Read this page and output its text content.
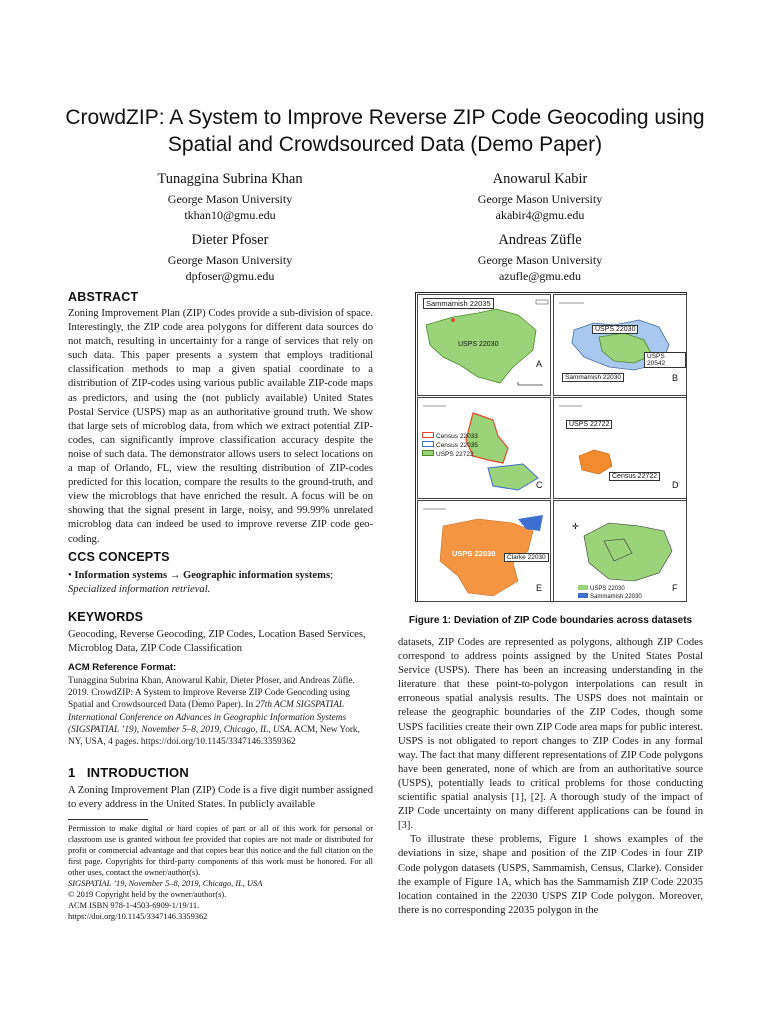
CrowdZIP: A System to Improve Reverse ZIP Code Geocoding using Spatial and Crowdsourced Data (Demo Paper)
Tunaggina Subrina Khan
George Mason University
tkhan10@gmu.edu
Anowarul Kabir
George Mason University
akabir4@gmu.edu
Dieter Pfoser
George Mason University
dpfoser@gmu.edu
Andreas Züfle
George Mason University
azufle@gmu.edu
ABSTRACT
Zoning Improvement Plan (ZIP) Codes provide a sub-division of space. Interestingly, the ZIP code area polygons for different data sources do not match, resulting in uncertainty for a range of services that rely on such data. This paper presents a system that employs traditional classification methods to map a given spatial coordinate to a distribution of ZIP-codes using various public available ZIP-code maps as predictors, and using the (not publicly available) United States Postal Service (USPS) map as an authoritative ground truth. We show that large sets of microblog data, from which we extract potential ZIP-codes, can significantly improve classification accuracy despite the noise of such data. The demonstrator allows users to select locations on a map of Orlando, FL, view the resulting distribution of ZIP-codes predicted for this location, compare the results to the ground-truth, and view the microblogs that have enriched the result. A focus will be on showing that the signal present in large, noisy, and 99.99% unrelated microblog data can indeed be used to improve reverse ZIP code geo-coding.
CCS CONCEPTS
• Information systems → Geographic information systems; Specialized information retrieval.
KEYWORDS
Geocoding, Reverse Geocoding, ZIP Codes, Location Based Services, Microblog Data, ZIP Code Classification
ACM Reference Format:
Tunaggina Subrina Khan, Anowarul Kabir, Dieter Pfoser, and Andreas Züfle. 2019. CrowdZIP: A System to Improve Reverse ZIP Code Geocoding using Spatial and Crowdsourced Data (Demo Paper). In 27th ACM SIGSPATIAL International Conference on Advances in Geographic Information Systems (SIGSPATIAL ’19), November 5–8, 2019, Chicago, IL, USA. ACM, New York, NY, USA, 4 pages. https://doi.org/10.1145/3347146.3359362
1 INTRODUCTION
A Zoning Improvement Plan (ZIP) Code is a five digit number assigned to every address in the United States. In publicly available
Permission to make digital or hard copies of part or all of this work for personal or classroom use is granted without fee provided that copies are not made or distributed for profit or commercial advantage and that copies bear this notice and the full citation on the first page. Copyrights for third-party components of this work must be honored. For all other uses, contact the owner/author(s).
SIGSPATIAL ’19, November 5–8, 2019, Chicago, IL, USA
© 2019 Copyright held by the owner/author(s).
ACM ISBN 978-1-4503-6909-1/19/11.
https://doi.org/10.1145/3347146.3359362
Sammamish 22035
USPS 22030
A
USPS 22030
USPS 20542
Sammamish 22030	B
Census 22033
Census 22035
USPS 22722
C
USPS 22722
Census 22722
D
USPS 22030	Clarke 22030
E
✛
USPS 22030
Sammamish 22030
F
Figure 1: Deviation of ZIP Code boundaries across datasets
datasets, ZIP Codes are represented as polygons, although ZIP Codes correspond to address points assigned by the United States Postal Service (USPS). There has been an increasing understanding in the literature that these point-to-polygon interpolations can result in erroneous spatial analysis results. The USPS does not maintain or release the geographic boundaries of the ZIP Codes, though some USPS facilities create their own ZIP Code area maps for public interest. USPS is not obligated to report changes to ZIP Codes in any formal way. The fact that many different representations of ZIP Code polygons have been generated, none of which are from an authoritative source (USPS), potentially leads to critical problems for those conducting scientific spatial analysis [1], [2]. A thorough study of the impact of ZIP Code uncertainty on many different applications can be found in [3].
To illustrate these problems, Figure 1 shows examples of the deviations in size, shape and position of the ZIP Codes in four ZIP Code polygon datasets (USPS, Sammamish, Census, Clarke). Consider the example of Figure 1A, which has the Sammamish ZIP Code 22035 location contained in the 22030 USPS ZIP Code polygon. Moreover, there is no corresponding 22035 polygon in the
